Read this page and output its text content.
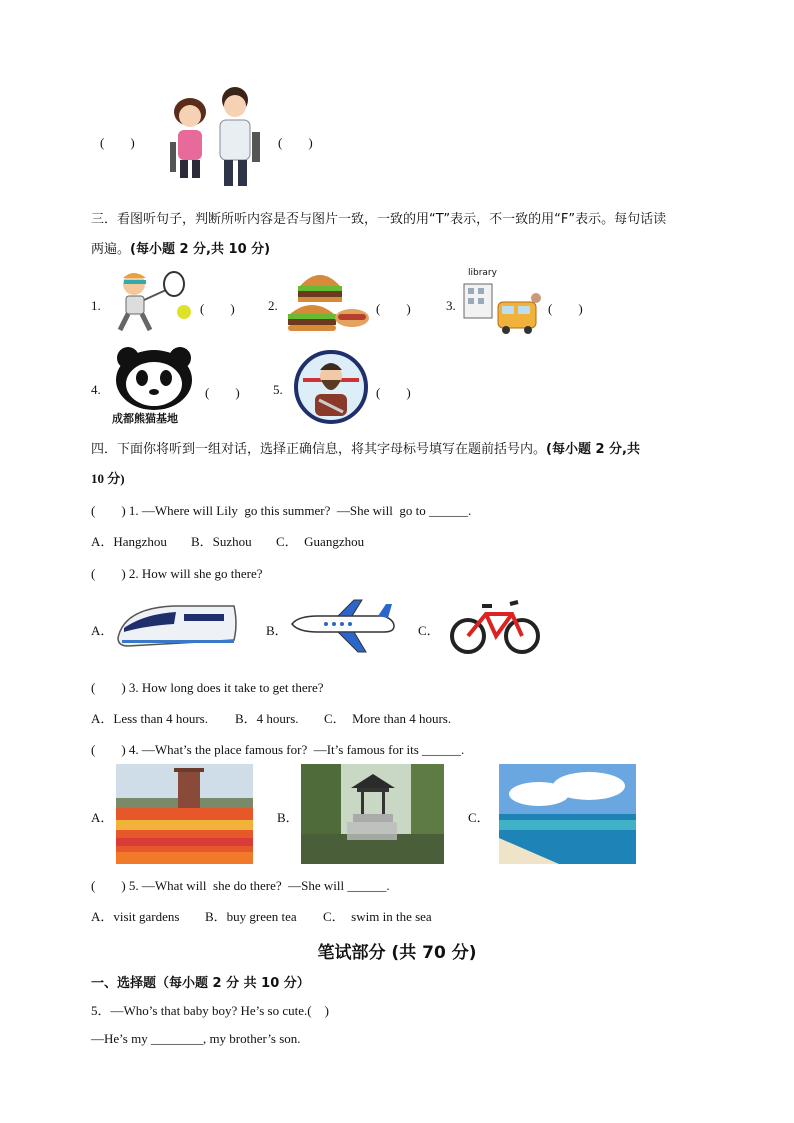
(　　)	(　　)
三．看图听句子，判断所听内容是否与图片一致，一致的用“T”表示，不一致的用“F”表示。每句话读
两遍。(每小题 2 分,共 10 分)
1.	(　　)	2.	(　　)	3.
library
(　　)
4.
成都熊猫基地
(　　)	5.	(　　)
四．下面你将听到一组对话，选择正确信息，将其字母标号填写在题前括号内。(每小题 2 分,共
10 分)
(　　) 1. —Where will Lily  go this summer?  —She will  go to ______.
A．Hangzhou B．Suzhou C．  Guangzhou
(　　) 2. How will she go there?
A．	B．	C．
(　　) 3. How long does it take to get there?
A．Less than 4 hours. B．4 hours. C．  More than 4 hours.
(　　) 4. —What’s the place famous for?  —It’s famous for its ______.
A．	B．	C．
(　　) 5. —What will  she do there?  —She will ______.
A．visit gardens B．buy green tea C．  swim in the sea
笔试部分 (共 70 分)
一、选择题（每小题 2 分 共 10 分）
5．—Who’s that baby boy? He’s so cute.(    )
—He’s my ________, my brother’s son.
